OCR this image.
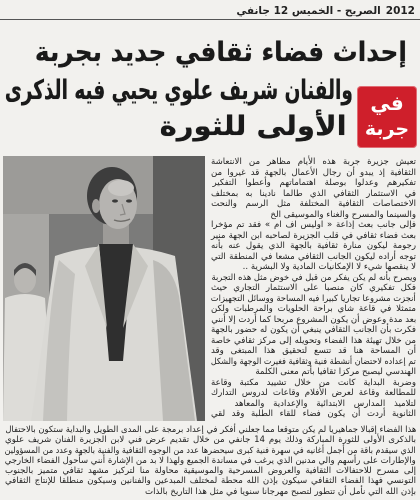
الصريح - الخميس 12 جانفي 2012
إحداث فضاء ثقافي جديد بجربة
والفنان شريف علوي يحيي فيه الذكرى
الأولى للثورة
في
جربة
تعيش جزيرة جربة هذه الأيام مظاهر من الانتعاشة
الثقافية إذ يبدو أن رجال الأعمال بالجهة قد غيروا من
تفكيرهم وعدلوا بوصلة اهتماماتهم وأعطوا التفكير
في الاستثمار الثقافي الذي طالما نادينا به بمختلف
الاختصاصات الثقافية المختلفة مثل الرسم والنحت
والسينما والمسرح والغناء والموسيقى الخ
فإلى جانب بعث إذاعة « اوليس اف ام » فقد تم مؤخرا
بعث فضاء ثقافي في قلب الجزيرة لصاحبه ابن الجهة منير
رجومة ليكون منارة ثقافية بالجهة الذي يقول عنه بأنه
توجه أراده ليكون الجانب الثقافي مشعا في المنطقة التي
لا ينقصها شيء لا الإمكانيات المادية ولا البشرية ..
ويصرح بأنه لم يكن يفكر من قبل في خوض مثل هذه التجربة
فكل تفكيري كان منصبا على الاستثمار التجاري حيث
أنجزت مشروعا تجاريا كبيرا فيه المساحة ووسائل التجهيزات
متمثلا في قاعة شاي براحة الحلويات والمرطبات ولكن
بعد مدة وعوض أن يكون المشروع مربحا كما أردت إلا أنني
فكرت بأن الجانب الثقافي ينبغي أن يكون له حضور بالجهة
من خلال تهيئة هذا الفضاء وتحويله إلى مركز ثقافي خاصة
أن المساحة هنا قد تتسع لتحقيق هذا المبتغى وقد
تم إعداده لاحتضان أنشطة فنية وثقافية فغيرت الوجهة والشكل
الهندسي ليصبح مركزا ثقافيا بأتم معنى الكلمة
وضربة البداية كانت من خلال تشييد مكتبة وقاعة
للمطالعة وقاعة لعرض الأفلام وقاعات لدروس التدارك
لتلاميذ المدارس الابتدائية والإعدادية والمعاهد
الثانوية أردت أن يكون فضاء للقاء الطلبة وقد لقي
هذا الفضاء إقبالا جماهيريا لم يكن متوقعا مما جعلني أفكر في إعداد برمجة على المدى الطويل والبداية ستكون بالاحتفال
بالذكرى الأولى للثورة المباركة وذلك يوم 14 جانفي من خلال تقديم عرض فني لابن الجزيرة الفنان شريف علوي
الذي سيقدم باقة من أجمل أغانيه في سهرة فنية كبرى سيحضرها عدد من الوجوه الثقافية والفنية بالجهة وعدد من المسؤولين
والإطارات على رأسهم والي مدنين الذي يرغب في مساندة الجميع ولهذا لا بد من الإشارة أنني سأحول الفضاء الخارجي
إلى مسرح للاحتفالات الثقافية والعروض المسرحية والموسيقية محاولة منا لتركيز مشهد ثقافي متميز بالجنوب
التونسي فهذا الفضاء الثقافي سيكون بإذن الله محطة لمختلف المبدعين والفنانين وسيكون منطلقا للإنتاج الثقافي
بإذن الله التي نأمل أن تتطور لتصبح مهرجانا سنويا في مثل هذا التاريخ بالذات
